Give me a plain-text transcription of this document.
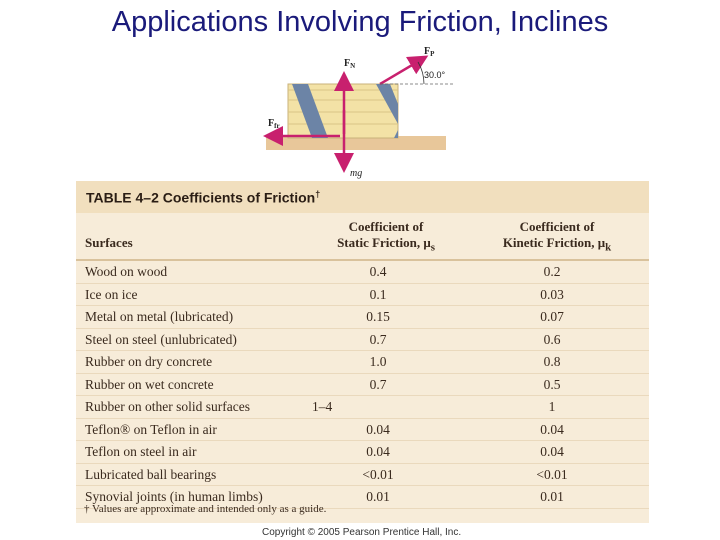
Applications Involving Friction, Inclines
$F_N$
$F_P$
$F_{fr}$
mg
30.0°
TABLE 4–2 Coefficients of Friction†
Surfaces
Coefficient of
Static Friction, $\mu_s$
Coefficient of
Kinetic Friction, $\mu_k$
Wood on wood	0.4	0.2
Ice on ice	0.1	0.03
Metal on metal (lubricated)	0.15	0.07
Steel on steel (unlubricated)	0.7	0.6
Rubber on dry concrete	1.0	0.8
Rubber on wet concrete	0.7	0.5
Rubber on other solid surfaces	1–4	1
Teflon® on Teflon in air	0.04	0.04
Teflon on steel in air	0.04	0.04
Lubricated ball bearings	<0.01	<0.01
Synovial joints (in human limbs)	0.01	0.01
† Values are approximate and intended only as a guide.
Copyright © 2005 Pearson Prentice Hall, Inc.
